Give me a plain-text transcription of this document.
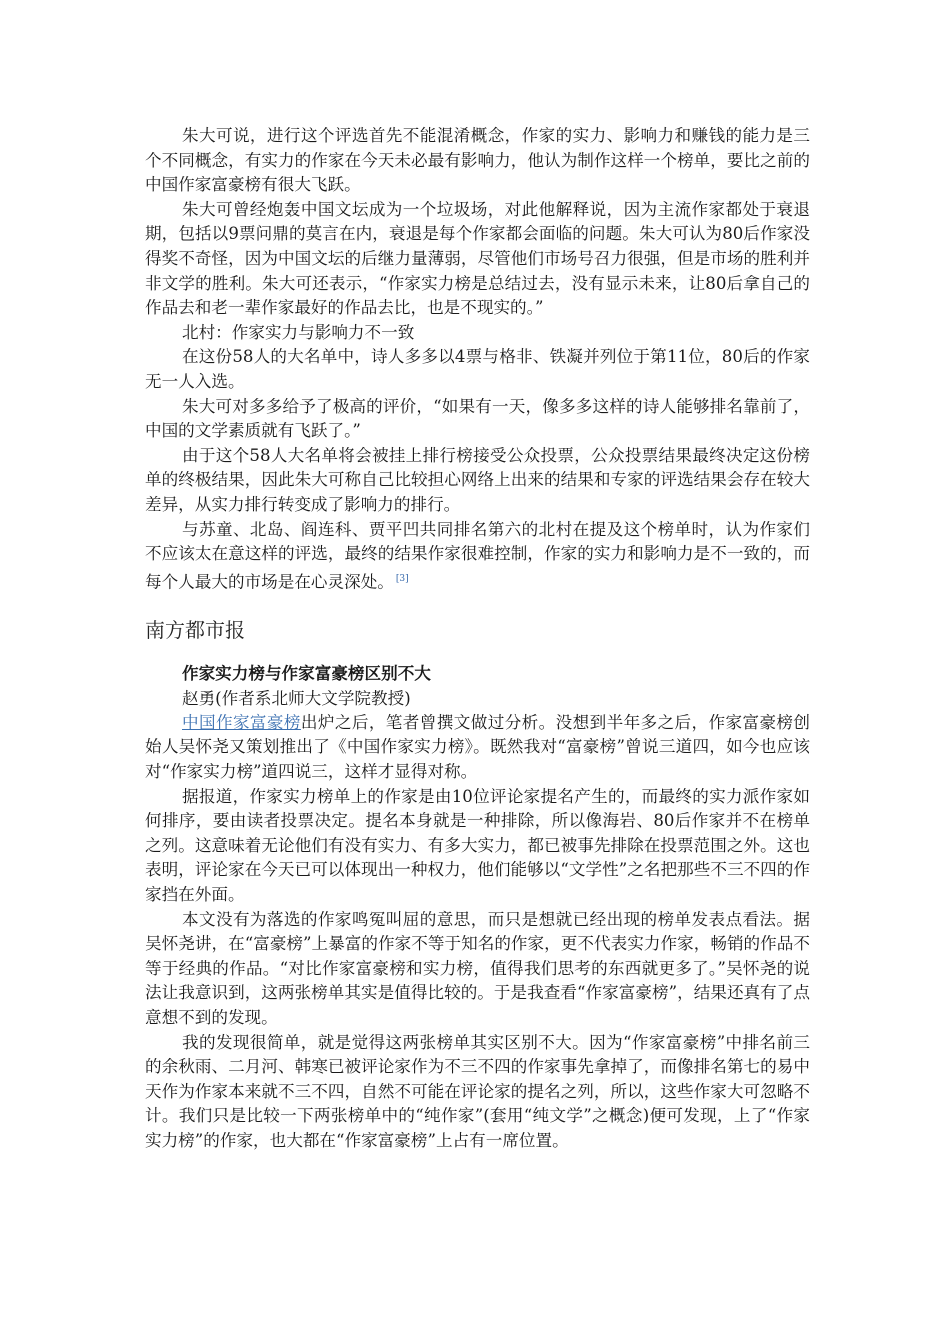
朱大可说，进行这个评选首先不能混淆概念，作家的实力、影响力和赚钱的能力是三个不同概念，有实力的作家在今天未必最有影响力，他认为制作这样一个榜单，要比之前的中国作家富豪榜有很大飞跃。

朱大可曾经炮轰中国文坛成为一个垃圾场，对此他解释说，因为主流作家都处于衰退期，包括以9票问鼎的莫言在内，衰退是每个作家都会面临的问题。朱大可认为80后作家没得奖不奇怪，因为中国文坛的后继力量薄弱，尽管他们市场号召力很强，但是市场的胜利并非文学的胜利。朱大可还表示，“作家实力榜是总结过去，没有显示未来，让80后拿自己的作品去和老一辈作家最好的作品去比，也是不现实的。”

北村：作家实力与影响力不一致

在这份58人的大名单中，诗人多多以4票与格非、铁凝并列位于第11位，80后的作家无一人入选。

朱大可对多多给予了极高的评价，“如果有一天，像多多这样的诗人能够排名靠前了，中国的文学素质就有飞跃了。”

由于这个58人大名单将会被挂上排行榜接受公众投票，公众投票结果最终决定这份榜单的终极结果，因此朱大可称自己比较担心网络上出来的结果和专家的评选结果会存在较大差异，从实力排行转变成了影响力的排行。

与苏童、北岛、阎连科、贾平凹共同排名第六的北村在提及这个榜单时，认为作家们不应该太在意这样的评选，最终的结果作家很难控制，作家的实力和影响力是不一致的，而每个人最大的市场是在心灵深处。 [3]

南方都市报

作家实力榜与作家富豪榜区别不大

赵勇(作者系北师大文学院教授)

中国作家富豪榜出炉之后，笔者曾撰文做过分析。没想到半年多之后，作家富豪榜创始人吴怀尧又策划推出了《中国作家实力榜》。既然我对“富豪榜”曾说三道四，如今也应该对“作家实力榜”道四说三，这样才显得对称。

据报道，作家实力榜单上的作家是由10位评论家提名产生的，而最终的实力派作家如何排序，要由读者投票决定。提名本身就是一种排除，所以像海岩、80后作家并不在榜单之列。这意味着无论他们有没有实力、有多大实力，都已被事先排除在投票范围之外。这也表明，评论家在今天已可以体现出一种权力，他们能够以“文学性”之名把那些不三不四的作家挡在外面。

本文没有为落选的作家鸣冤叫屈的意思，而只是想就已经出现的榜单发表点看法。据吴怀尧讲，在“富豪榜”上暴富的作家不等于知名的作家，更不代表实力作家，畅销的作品不等于经典的作品。“对比作家富豪榜和实力榜，值得我们思考的东西就更多了。”吴怀尧的说法让我意识到，这两张榜单其实是值得比较的。于是我查看“作家富豪榜”，结果还真有了点意想不到的发现。

我的发现很简单，就是觉得这两张榜单其实区别不大。因为“作家富豪榜”中排名前三的余秋雨、二月河、韩寒已被评论家作为不三不四的作家事先拿掉了，而像排名第七的易中天作为作家本来就不三不四，自然不可能在评论家的提名之列，所以，这些作家大可忽略不计。我们只是比较一下两张榜单中的“纯作家”(套用“纯文学”之概念)便可发现，上了“作家实力榜”的作家，也大都在“作家富豪榜”上占有一席位置。
